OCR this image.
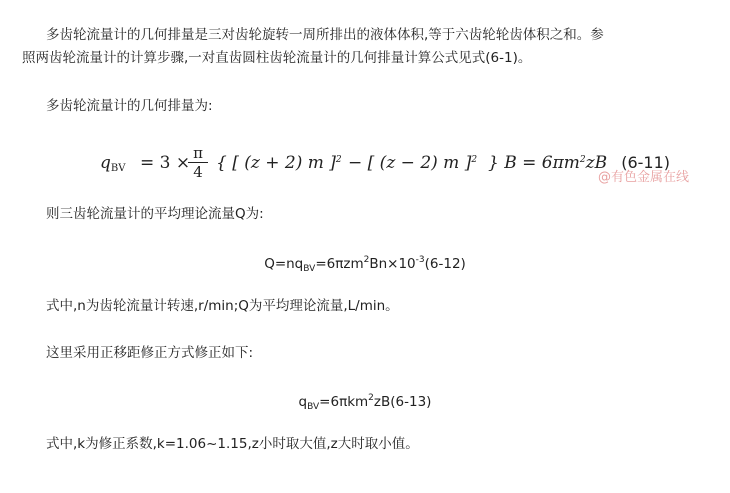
多齿轮流量计的几何排量是三对齿轮旋转一周所排出的液体体积,等于六齿轮轮齿体积之和。参
照两齿轮流量计的计算步骤,一对直齿圆柱齿轮流量计的几何排量计算公式见式(6-1)。
多齿轮流量计的几何排量为:
$q_{BV} = 3$ ×
$\frac{\pi}{4}$ { [ (z + 2) m ]$^2$ − [ (z − 2) m ]$^2$ } $B = 6\pi m^2zB$ (6-11)
@有色金属在线
则三齿轮流量计的平均理论流量Q为:
$Q=nq_{BV}=6\pi zm^2Bn\times 10^{-3}(6-12)$
式中,n为齿轮流量计转速,r/min;Q为平均理论流量,L/min。
这里采用正移距修正方式修正如下:
$q_{BV}=6\pi km^2zB(6-13)$
式中,k为修正系数,k=1.06~1.15,z小时取大值,z大时取小值。
